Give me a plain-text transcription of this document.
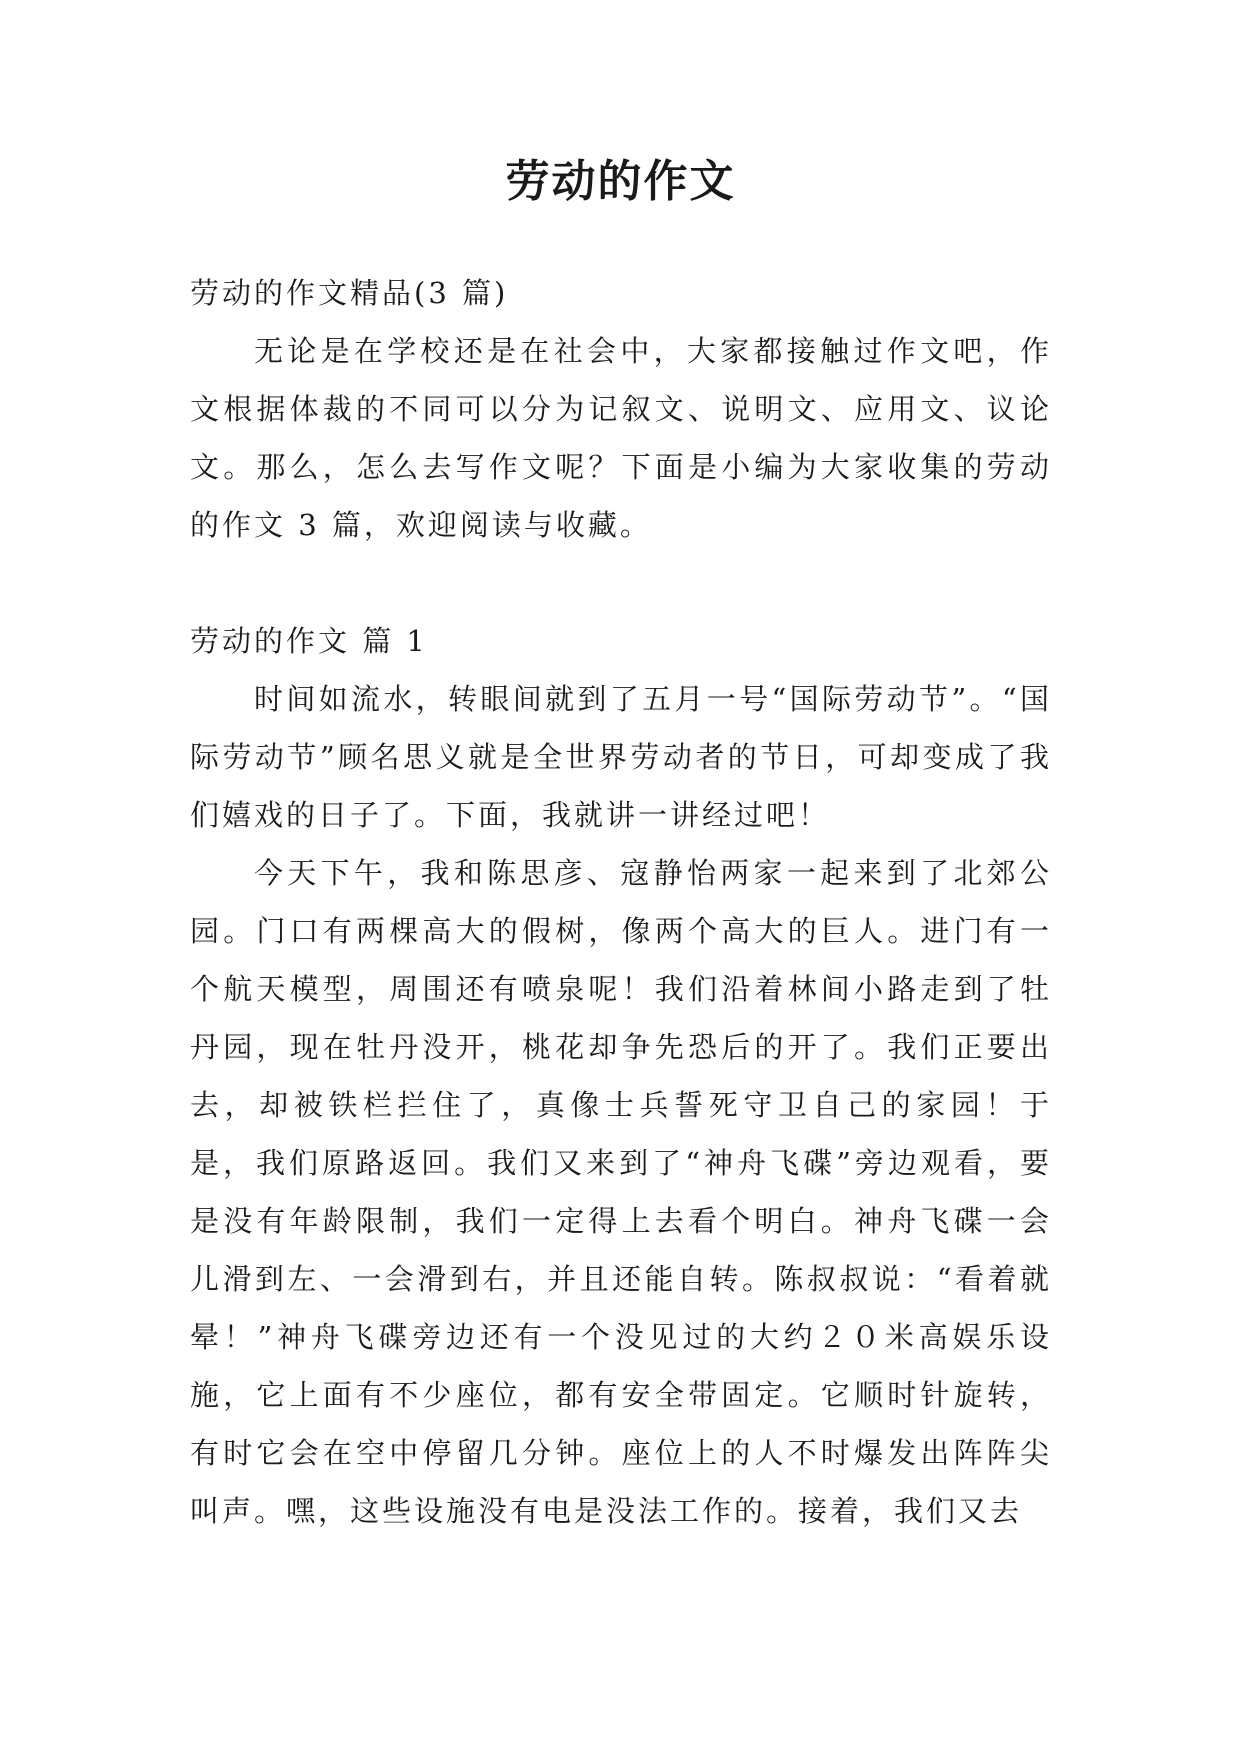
劳动的作文

劳动的作文精品(3 篇)

无论是在学校还是在社会中，大家都接触过作文吧，作文根据体裁的不同可以分为记叙文、说明文、应用文、议论文。那么，怎么去写作文呢？下面是小编为大家收集的劳动的作文 3 篇，欢迎阅读与收藏。

劳动的作文 篇 1

时间如流水，转眼间就到了五月一号“国际劳动节”。“国际劳动节”顾名思义就是全世界劳动者的节日，可却变成了我们嬉戏的日子了。下面，我就讲一讲经过吧！

今天下午，我和陈思彦、寇静怡两家一起来到了北郊公园。门口有两棵高大的假树，像两个高大的巨人。进门有一个航天模型，周围还有喷泉呢！我们沿着林间小路走到了牡丹园，现在牡丹没开，桃花却争先恐后的开了。我们正要出去，却被铁栏拦住了，真像士兵誓死守卫自己的家园！于是，我们原路返回。我们又来到了“神舟飞碟”旁边观看，要是没有年龄限制，我们一定得上去看个明白。神舟飞碟一会儿滑到左、一会滑到右，并且还能自转。陈叔叔说：“看着就晕！”神舟飞碟旁边还有一个没见过的大约２０米高娱乐设施，它上面有不少座位，都有安全带固定。它顺时针旋转，有时它会在空中停留几分钟。座位上的人不时爆发出阵阵尖叫声。嘿，这些设施没有电是没法工作的。接着，我们又去
